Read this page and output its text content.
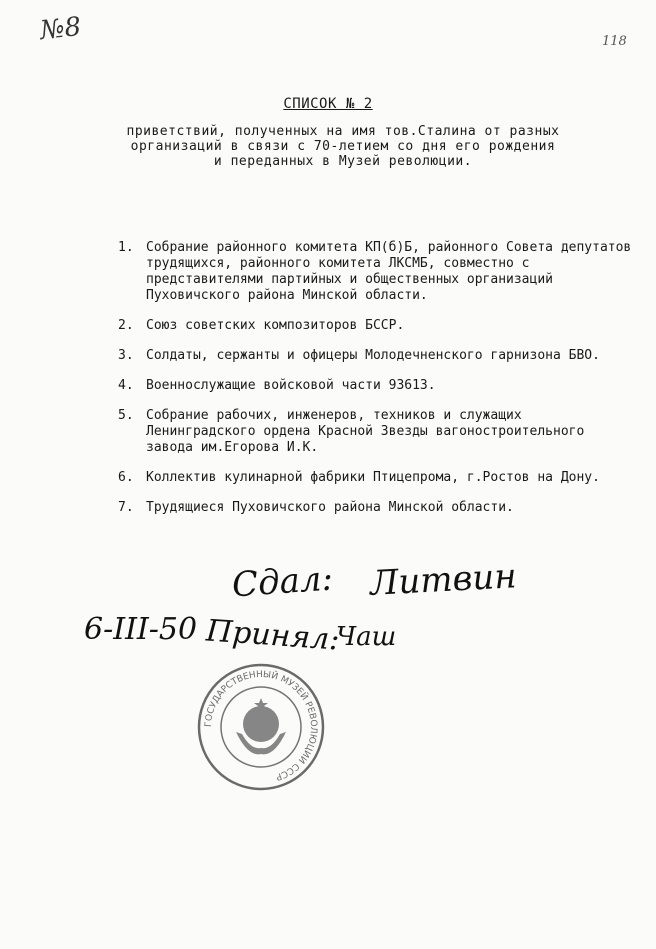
№8	118
СПИСОК № 2
приветствий, полученных на имя тов.Сталина от разных
организаций в связи с 70-летием со дня его рождения
и переданных в Музей революции.
1. Собрание районного комитета КП(б)Б, районного Совета депутатов трудящихся, районного комитета ЛКСМБ, совместно с представителями партийных и общественных организаций Пуховичского района Минской области.
2. Союз советских композиторов БССР.
3. Солдаты, сержанты и офицеры Молодечненского гарнизона БВО.
4. Военнослужащие войсковой части 93613.
5. Собрание рабочих, инженеров, техников и служащих Ленинградского ордена Красной Звезды вагоностроительного завода им.Егорова И.К.
6. Коллектив кулинарной фабрики Птицепрома, г.Ростов на Дону.
7. Трудящиеся Пуховичского района Минской области.
Сдал: Литвин
6-III-50 Принял:
Чаш
ГОСУДАРСТВЕННЫЙ МУЗЕЙ РЕВОЛЮЦИИ СССР
